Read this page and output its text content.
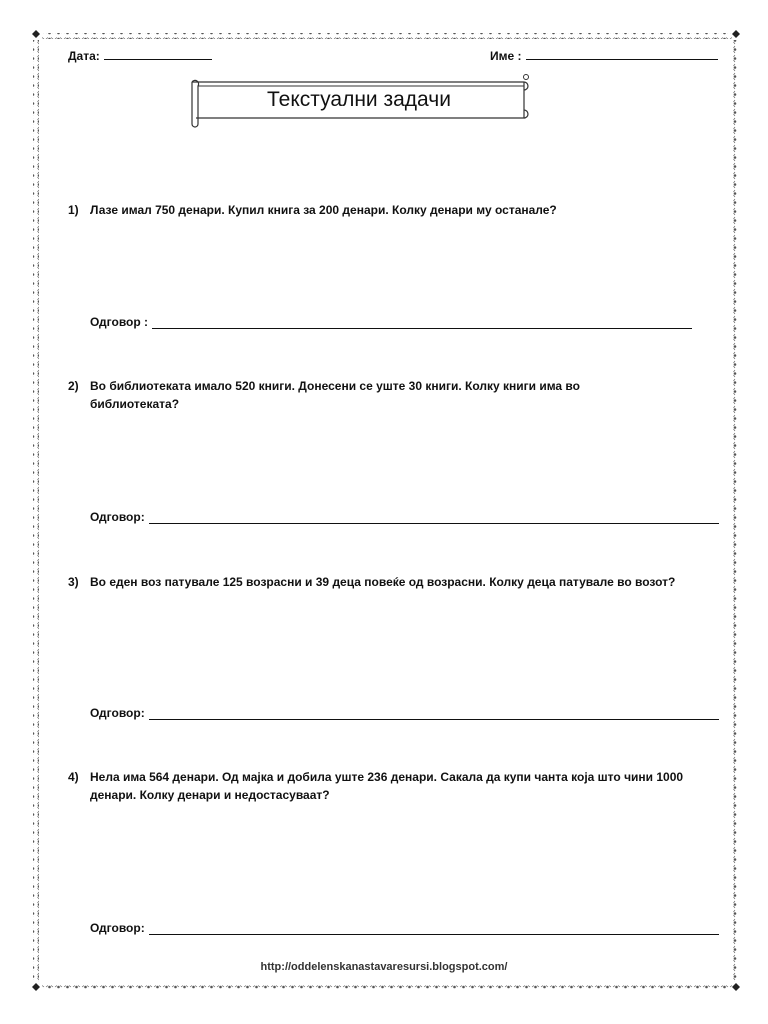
Дата:	Име :
Текстуални задачи
1) Лазе имал 750 денари. Купил книга за 200 денари. Колку денари му останале?
Одговор :
2) Во библиотеката имало 520 книги. Донесени се уште 30 книги. Колку книги има во библиотеката?
Одговор:
3) Во еден воз патувале 125 возрасни и 39 деца повеќе од возрасни. Колку деца патувале во возот?
Одговор:
4) Нела има 564 денари. Од мајка и добила уште 236 денари. Сакала да купи чанта која што чини 1000 денари. Колку денари и недостасуваат?
Одговор:
http://oddelenskanastavaresursi.blogspot.com/
